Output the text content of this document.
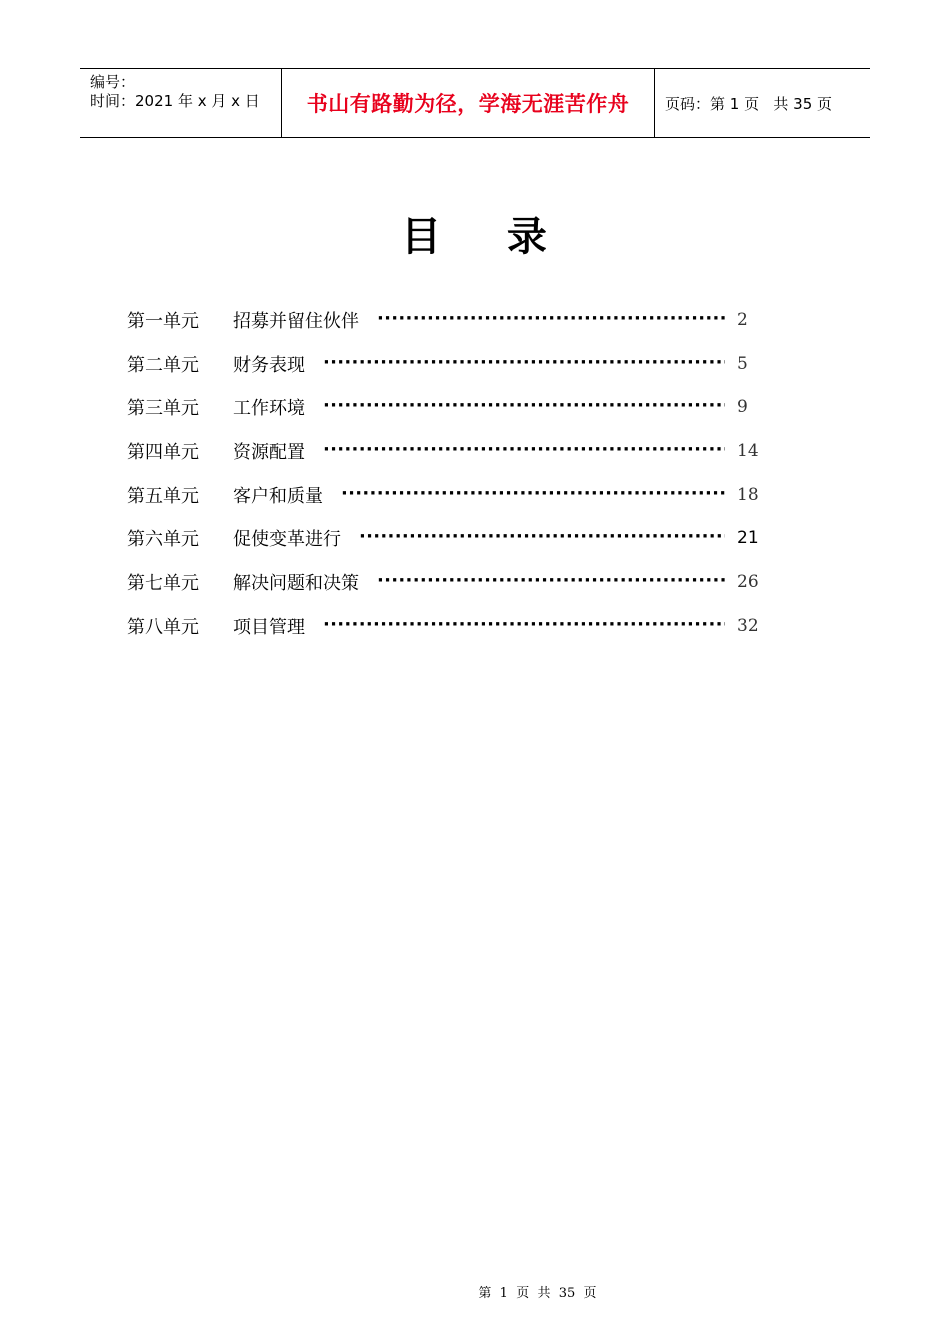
编号：
时间：2021 年 x 月 x 日	书山有路勤为径，学海无涯苦作舟	页码：第 1 页   共 35 页
目    录
第一单元	招募并留住伙伴 ·····	2
第二单元	财务表现 ·····	5
第三单元	工作环境 ·····	9
第四单元	资源配置 ·····	14
第五单元	客户和质量 ·····	18
第六单元	促使变革进行 ·····	21
第七单元	解决问题和决策 ·····	26
第八单元	项目管理 ·····	32
第  1  页  共  35  页
